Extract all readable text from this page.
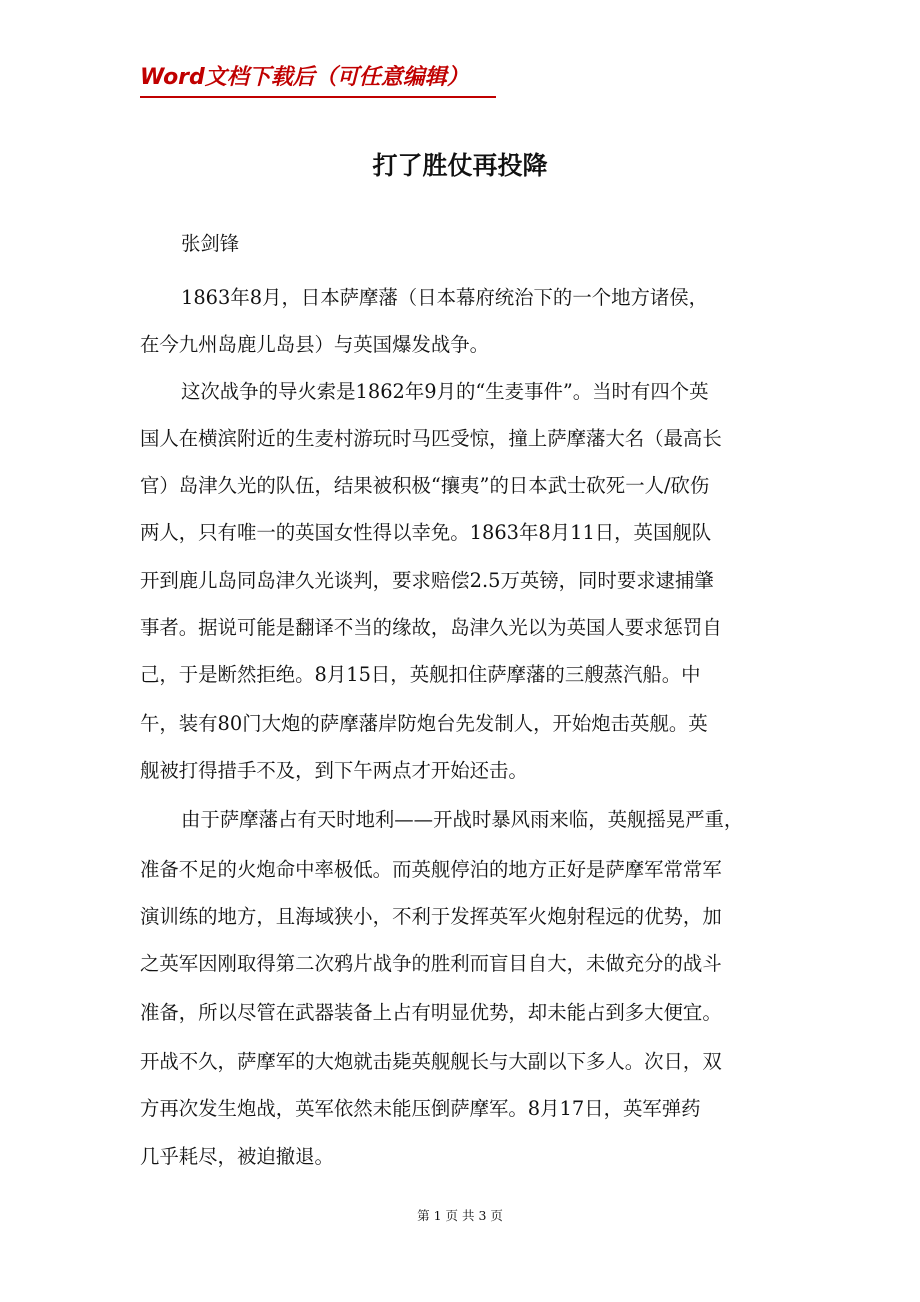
Word文档下载后（可任意编辑）
打了胜仗再投降
张剑锋
1863年8月，日本萨摩藩（日本幕府统治下的一个地方诸侯，
在今九州岛鹿儿岛县）与英国爆发战争。
这次战争的导火索是1862年9月的“生麦事件”。当时有四个英
国人在横滨附近的生麦村游玩时马匹受惊，撞上萨摩藩大名（最高长
官）岛津久光的队伍，结果被积极“攘夷”的日本武士砍死一人/砍伤
两人，只有唯一的英国女性得以幸免。1863年8月11日，英国舰队
开到鹿儿岛同岛津久光谈判，要求赔偿2.5万英镑，同时要求逮捕肇
事者。据说可能是翻译不当的缘故，岛津久光以为英国人要求惩罚自
己，于是断然拒绝。8月15日，英舰扣住萨摩藩的三艘蒸汽船。中
午，装有80门大炮的萨摩藩岸防炮台先发制人，开始炮击英舰。英
舰被打得措手不及，到下午两点才开始还击。
由于萨摩藩占有天时地利——开战时暴风雨来临，英舰摇晃严重，
准备不足的火炮命中率极低。而英舰停泊的地方正好是萨摩军常常军
演训练的地方，且海域狭小，不利于发挥英军火炮射程远的优势，加
之英军因刚取得第二次鸦片战争的胜利而盲目自大，未做充分的战斗
准备，所以尽管在武器装备上占有明显优势，却未能占到多大便宜。
开战不久，萨摩军的大炮就击毙英舰舰长与大副以下多人。次日，双
方再次发生炮战，英军依然未能压倒萨摩军。8月17日，英军弹药
几乎耗尽，被迫撤退。
第 1 页 共 3 页
